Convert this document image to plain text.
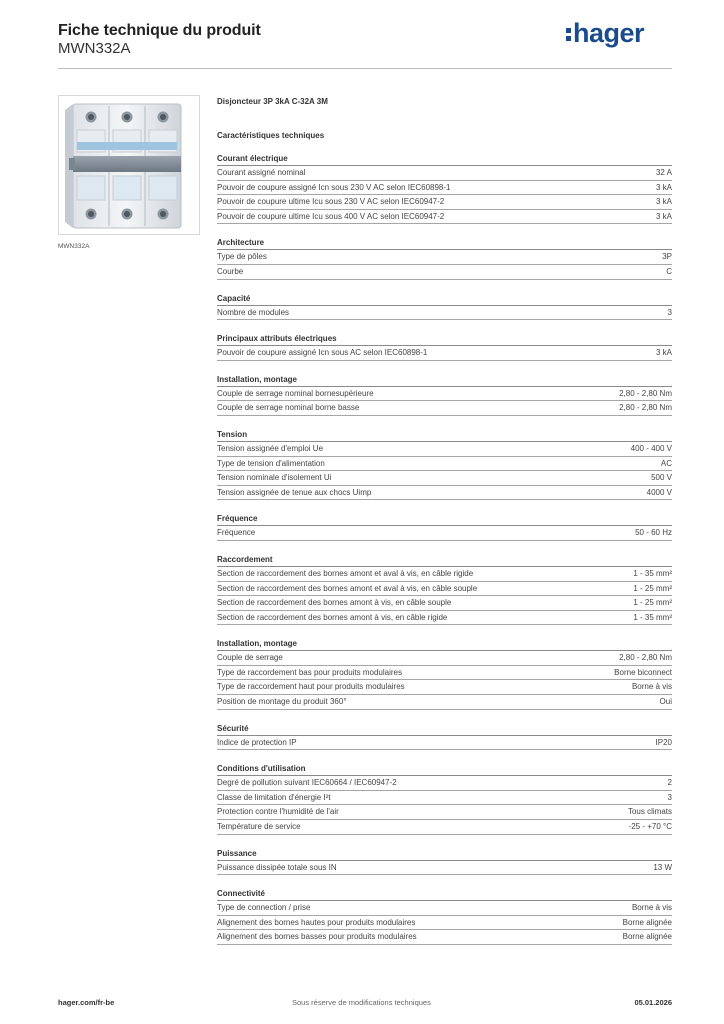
Fiche technique du produit
MWN332A
hager
MWN332A
Disjoncteur 3P 3kA C-32A 3M
Caractéristiques techniques
Courant électrique
Courant assigné nominal	32 A
Pouvoir de coupure assigné Icn sous 230 V AC selon IEC60898-1	3 kA
Pouvoir de coupure ultime Icu sous 230 V AC selon IEC60947-2	3 kA
Pouvoir de coupure ultime Icu sous 400 V AC selon IEC60947-2	3 kA
Architecture
Type de pôles	3P
Courbe	C
Capacité
Nombre de modules	3
Principaux attributs électriques
Pouvoir de coupure assigné Icn sous AC selon IEC60898-1	3 kA
Installation, montage
Couple de serrage nominal bornesupérieure	2,80 - 2,80 Nm
Couple de serrage nominal borne basse	2,80 - 2,80 Nm
Tension
Tension assignée d'emploi Ue	400 - 400 V
Type de tension d'alimentation	AC
Tension nominale d'isolement Ui	500 V
Tension assignée de tenue aux chocs Uimp	4000 V
Fréquence
Fréquence	50 - 60 Hz
Raccordement
Section de raccordement des bornes amont et aval à vis, en câble rigide	1 - 35 mm²
Section de raccordement des bornes amont et aval à vis, en câble souple	1 - 25 mm²
Section de raccordement des bornes amont à vis, en câble souple	1 - 25 mm²
Section de raccordement des bornes amont à vis, en câble rigide	1 - 35 mm²
Installation, montage
Couple de serrage	2,80 - 2,80 Nm
Type de raccordement bas pour produits modulaires	Borne biconnect
Type de raccordement haut pour produits modulaires	Borne à vis
Position de montage du produit 360°	Oui
Sécurité
Indice de protection IP	IP20
Conditions d'utilisation
Degré de pollution suivant IEC60664 / IEC60947-2	2
Classe de limitation d'énergie I²t	3
Protection contre l'humidité de l'air	Tous climats
Température de service	-25 - +70 °C
Puissance
Puissance dissipée totale sous IN	13 W
Connectivité
Type de connection / prise	Borne à vis
Alignement des bornes hautes pour produits modulaires	Borne alignée
Alignement des bornes basses pour produits modulaires	Borne alignée
hager.com/fr-be	Sous réserve de modifications techniques	05.01.2026
